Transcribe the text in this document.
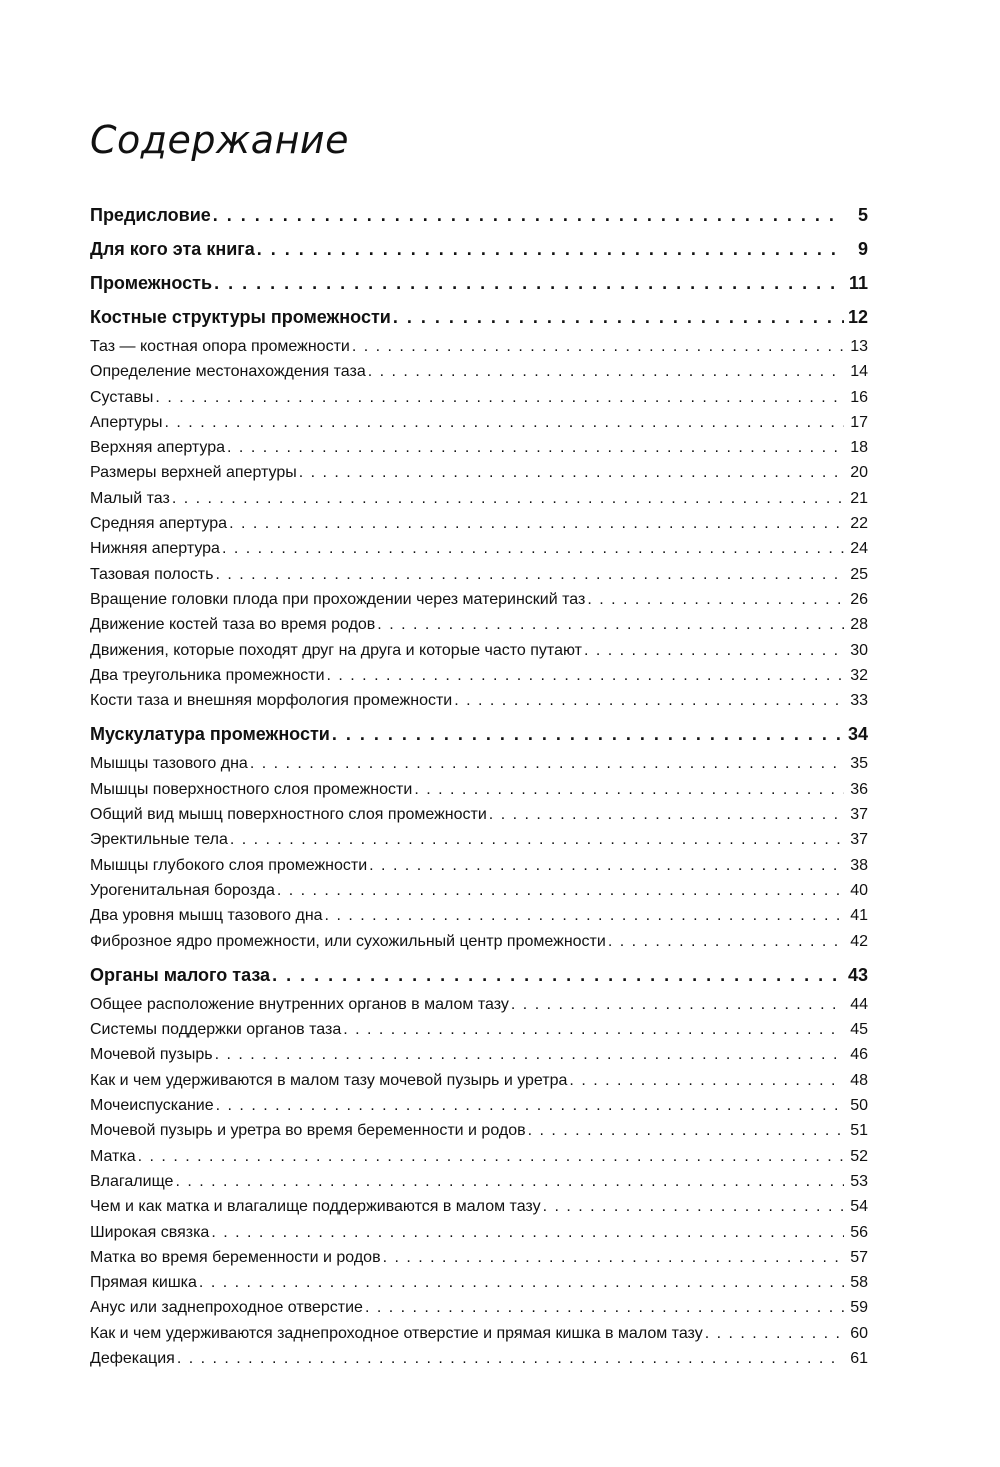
Содержание
Предисловие . . .	5
Для кого эта книга . . .	9
Промежность . . .	11
Костные структуры промежности . . .	12
Таз — костная опора промежности . . .	13
Определение местонахождения таза . . .	14
Суставы . . .	16
Апертуры . . .	17
Верхняя апертура . . .	18
Размеры верхней апертуры . . .	20
Малый таз . . .	21
Средняя апертура . . .	22
Нижняя апертура . . .	24
Тазовая полость . . .	25
Вращение головки плода при прохождении через материнский таз . . .	26
Движение костей таза во время родов . . .	28
Движения, которые походят друг на друга и которые часто путают . . .	30
Два треугольника промежности . . .	32
Кости таза и внешняя морфология промежности . . .	33
Мускулатура промежности . . .	34
Мышцы тазового дна . . .	35
Мышцы поверхностного слоя промежности . . .	36
Общий вид мышц поверхностного слоя промежности . . .	37
Эректильные тела . . .	37
Мышцы глубокого слоя промежности . . .	38
Урогенитальная борозда . . .	40
Два уровня мышц тазового дна . . .	41
Фиброзное ядро промежности, или сухожильный центр промежности . . .	42
Органы малого таза . . .	43
Общее расположение внутренних органов в малом тазу . . .	44
Системы поддержки органов таза . . .	45
Мочевой пузырь . . .	46
Как и чем удерживаются в малом тазу мочевой пузырь и уретра . . .	48
Мочеиспускание . . .	50
Мочевой пузырь и уретра во время беременности и родов . . .	51
Матка . . .	52
Влагалище . . .	53
Чем и как матка и влагалище поддерживаются в малом тазу . . .	54
Широкая связка . . .	56
Матка во время беременности и родов . . .	57
Прямая кишка . . .	58
Анус или заднепроходное отверстие . . .	59
Как и чем удерживаются заднепроходное отверстие и прямая кишка в малом тазу . . .	60
Дефекация . . .	61
